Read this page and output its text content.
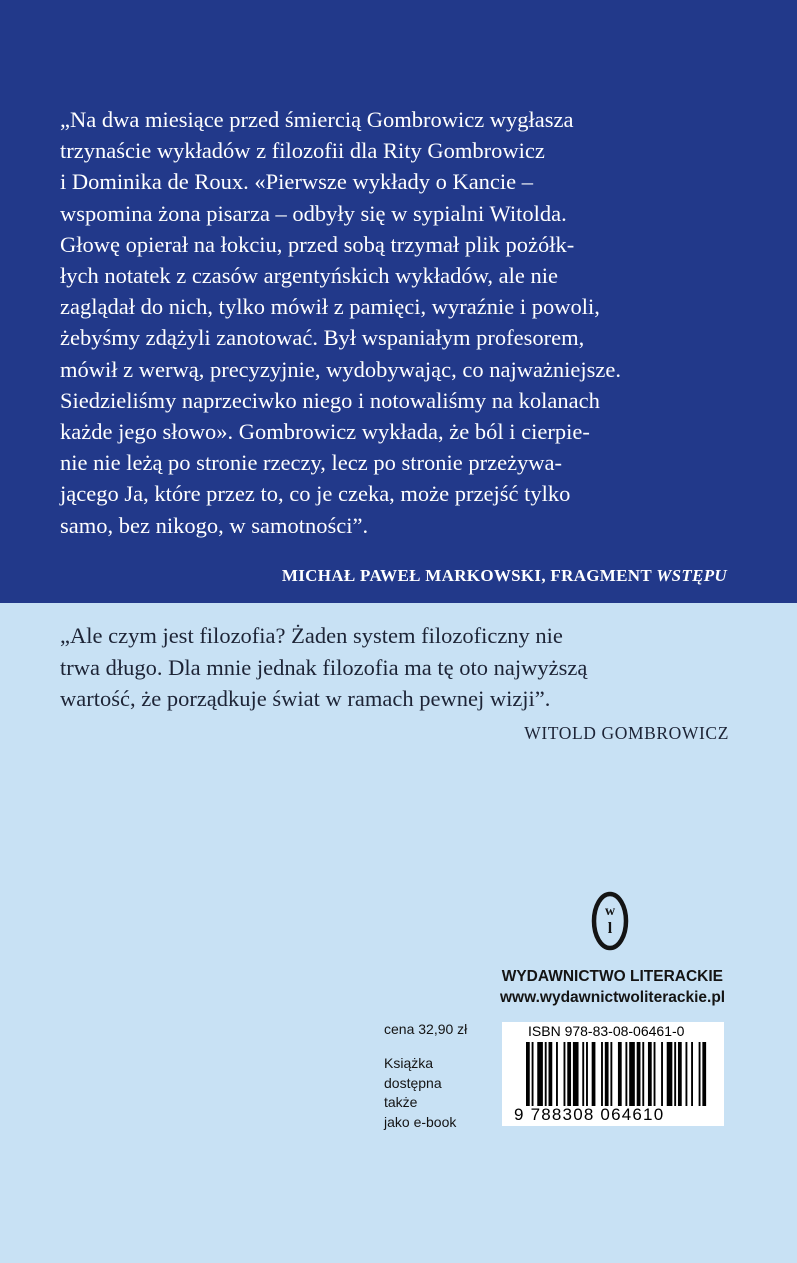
„Na dwa miesiące przed śmiercią Gombrowicz wygłasza
trzynaście wykładów z filozofii dla Rity Gombrowicz
i Dominika de Roux. «Pierwsze wykłady o Kancie –
wspomina żona pisarza – odbyły się w sypialni Witolda.
Głowę opierał na łokciu, przed sobą trzymał plik pożółk-
łych notatek z czasów argentyńskich wykładów, ale nie
zaglądał do nich, tylko mówił z pamięci, wyraźnie i powoli,
żebyśmy zdążyli zanotować. Był wspaniałym profesorem,
mówił z werwą, precyzyjnie, wydobywając, co najważniejsze.
Siedzieliśmy naprzeciwko niego i notowaliśmy na kolanach
każde jego słowo». Gombrowicz wykłada, że ból i cierpie-
nie nie leżą po stronie rzeczy, lecz po stronie przeżywa-
jącego Ja, które przez to, co je czeka, może przejść tylko
samo, bez nikogo, w samotności”.
MICHAŁ PAWEŁ MARKOWSKI, FRAGMENT WSTĘPU
„Ale czym jest filozofia? Żaden system filozoficzny nie
trwa długo. Dla mnie jednak filozofia ma tę oto najwyższą
wartość, że porządkuje świat w ramach pewnej wizji”.
WITOLD GOMBROWICZ
w
l
WYDAWNICTWO LITERACKIE
www.wydawnictwoliterackie.pl
cena 32,90 zł
Książka
dostępna
także
jako e-book
ISBN 978-83-08-06461-0
9 788308 064610
